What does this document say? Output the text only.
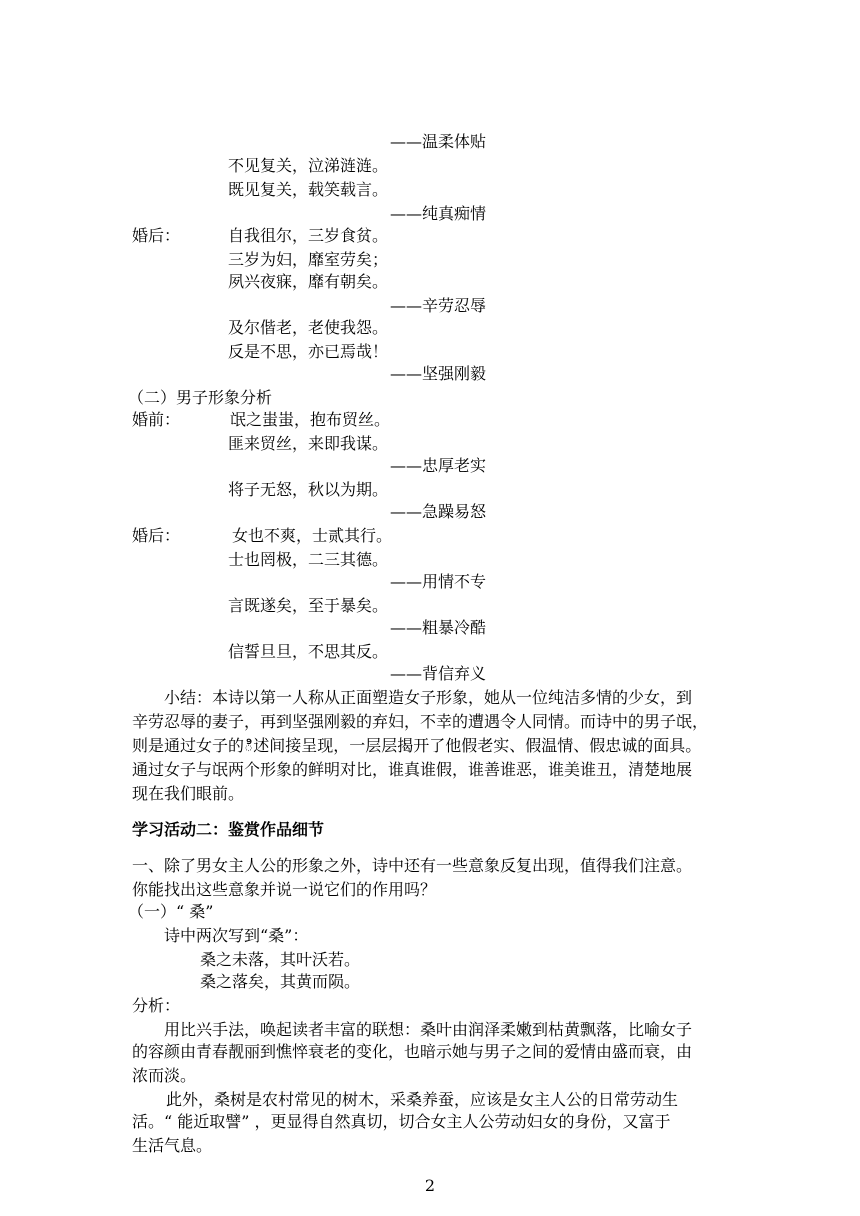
——温柔体贴
不见复关，泣涕涟涟。
既见复关，载笑载言。
——纯真痴情
婚后：	自我徂尔，三岁食贫。
三岁为妇，靡室劳矣；
夙兴夜寐，靡有朝矣。
——辛劳忍辱
及尔偕老，老使我怨。
反是不思，亦已焉哉！
——坚强刚毅
（二）男子形象分析
婚前：	氓之蚩蚩，抱布贸丝。
匪来贸丝，来即我谋。
——忠厚老实
将子无怒，秋以为期。
——急躁易怒
婚后：	女也不爽，士贰其行。
士也罔极，二三其德。
——用情不专
言既遂矣，至于暴矣。
——粗暴冷酷
信誓旦旦，不思其反。
——背信弃义
小结：本诗以第一人称从正面塑造女子形象，她从一位纯洁多情的少女，到
辛劳忍辱的妻子，再到坚强刚毅的弃妇，不幸的遭遇令人同情。而诗中的男子氓，
则是通过女子的ి述间接呈现，一层层揭开了他假老实、假温情、假忠诚的面具。
通过女子与氓两个形象的鲜明对比，谁真谁假，谁善谁恶，谁美谁丑，清楚地展
现在我们眼前。
学习活动二：鉴赏作品细节
一、除了男女主人公的形象之外，诗中还有一些意象反复出现，值得我们注意。
你能找出这些意象并说一说它们的作用吗？
（一）“ 桑”
诗中两次写到“桑”：
桑之未落，其叶沃若。
桑之落矣，其黄而陨。
分析：
用比兴手法，唤起读者丰富的联想：桑叶由润泽柔嫩到枯黄飘落，比喻女子
的容颜由青春靓丽到憔悴衰老的变化，也暗示她与男子之间的爱情由盛而衰，由
浓而淡。
此外，桑树是农村常见的树木，采桑养蚕，应该是女主人公的日常劳动生
活。“ 能近取譬” ，更显得自然真切，切合女主人公劳动妇女的身份，又富于
生活气息。
2
